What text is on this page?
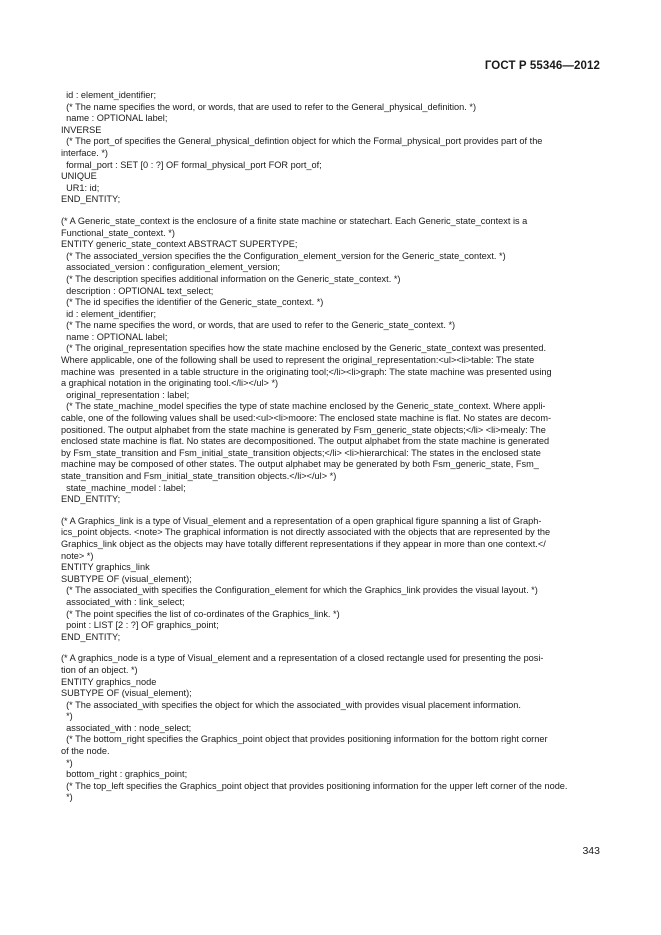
ГОСТ Р 55346—2012
id : element_identifier;
(* The name specifies the word, or words, that are used to refer to the General_physical_definition. *)
name : OPTIONAL label;
INVERSE
(* The port_of specifies the General_physical_defintion object for which the Formal_physical_port provides part of the
interface. *)
formal_port : SET [0 : ?] OF formal_physical_port FOR port_of;
UNIQUE
UR1: id;
END_ENTITY;
(* A Generic_state_context is the enclosure of a finite state machine or statechart. Each Generic_state_context is a
Functional_state_context. *)
ENTITY generic_state_context ABSTRACT SUPERTYPE;
(* The associated_version specifies the the Configuration_element_version for the Generic_state_context. *)
associated_version : configuration_element_version;
(* The description specifies additional information on the Generic_state_context. *)
description : OPTIONAL text_select;
(* The id specifies the identifier of the Generic_state_context. *)
id : element_identifier;
(* The name specifies the word, or words, that are used to refer to the Generic_state_context. *)
name : OPTIONAL label;
(* The original_representation specifies how the state machine enclosed by the Generic_state_context was presented.
Where applicable, one of the following shall be used to represent the original_representation:<ul><li>table: The state
machine was  presented in a table structure in the originating tool;</li><li>graph: The state machine was presented using
a graphical notation in the originating tool.</li></ul> *)
original_representation : label;
(* The state_machine_model specifies the type of state machine enclosed by the Generic_state_context. Where appli-
cable, one of the following values shall be used:<ul><li>moore: The enclosed state machine is flat. No states are decom-
positioned. The output alphabet from the state machine is generated by Fsm_generic_state objects;</li> <li>mealy: The
enclosed state machine is flat. No states are decompositioned. The output alphabet from the state machine is generated
by Fsm_state_transition and Fsm_initial_state_transition objects;</li> <li>hierarchical: The states in the enclosed state
machine may be composed of other states. The output alphabet may be generated by both Fsm_generic_state, Fsm_
state_transition and Fsm_initial_state_transition objects.</li></ul> *)
state_machine_model : label;
END_ENTITY;
(* A Graphics_link is a type of Visual_element and a representation of a open graphical figure spanning a list of Graph-
ics_point objects. <note> The graphical information is not directly associated with the objects that are represented by the
Graphics_link object as the objects may have totally different representations if they appear in more than one context.</
note> *)
ENTITY graphics_link
SUBTYPE OF (visual_element);
(* The associated_with specifies the Configuration_element for which the Graphics_link provides the visual layout. *)
associated_with : link_select;
(* The point specifies the list of co-ordinates of the Graphics_link. *)
point : LIST [2 : ?] OF graphics_point;
END_ENTITY;
(* A graphics_node is a type of Visual_element and a representation of a closed rectangle used for presenting the posi-
tion of an object. *)
ENTITY graphics_node
SUBTYPE OF (visual_element);
(* The associated_with specifies the object for which the associated_with provides visual placement information.
*)
associated_with : node_select;
(* The bottom_right specifies the Graphics_point object that provides positioning information for the bottom right corner
of the node.
*)
bottom_right : graphics_point;
(* The top_left specifies the Graphics_point object that provides positioning information for the upper left corner of the node.
*)
343
